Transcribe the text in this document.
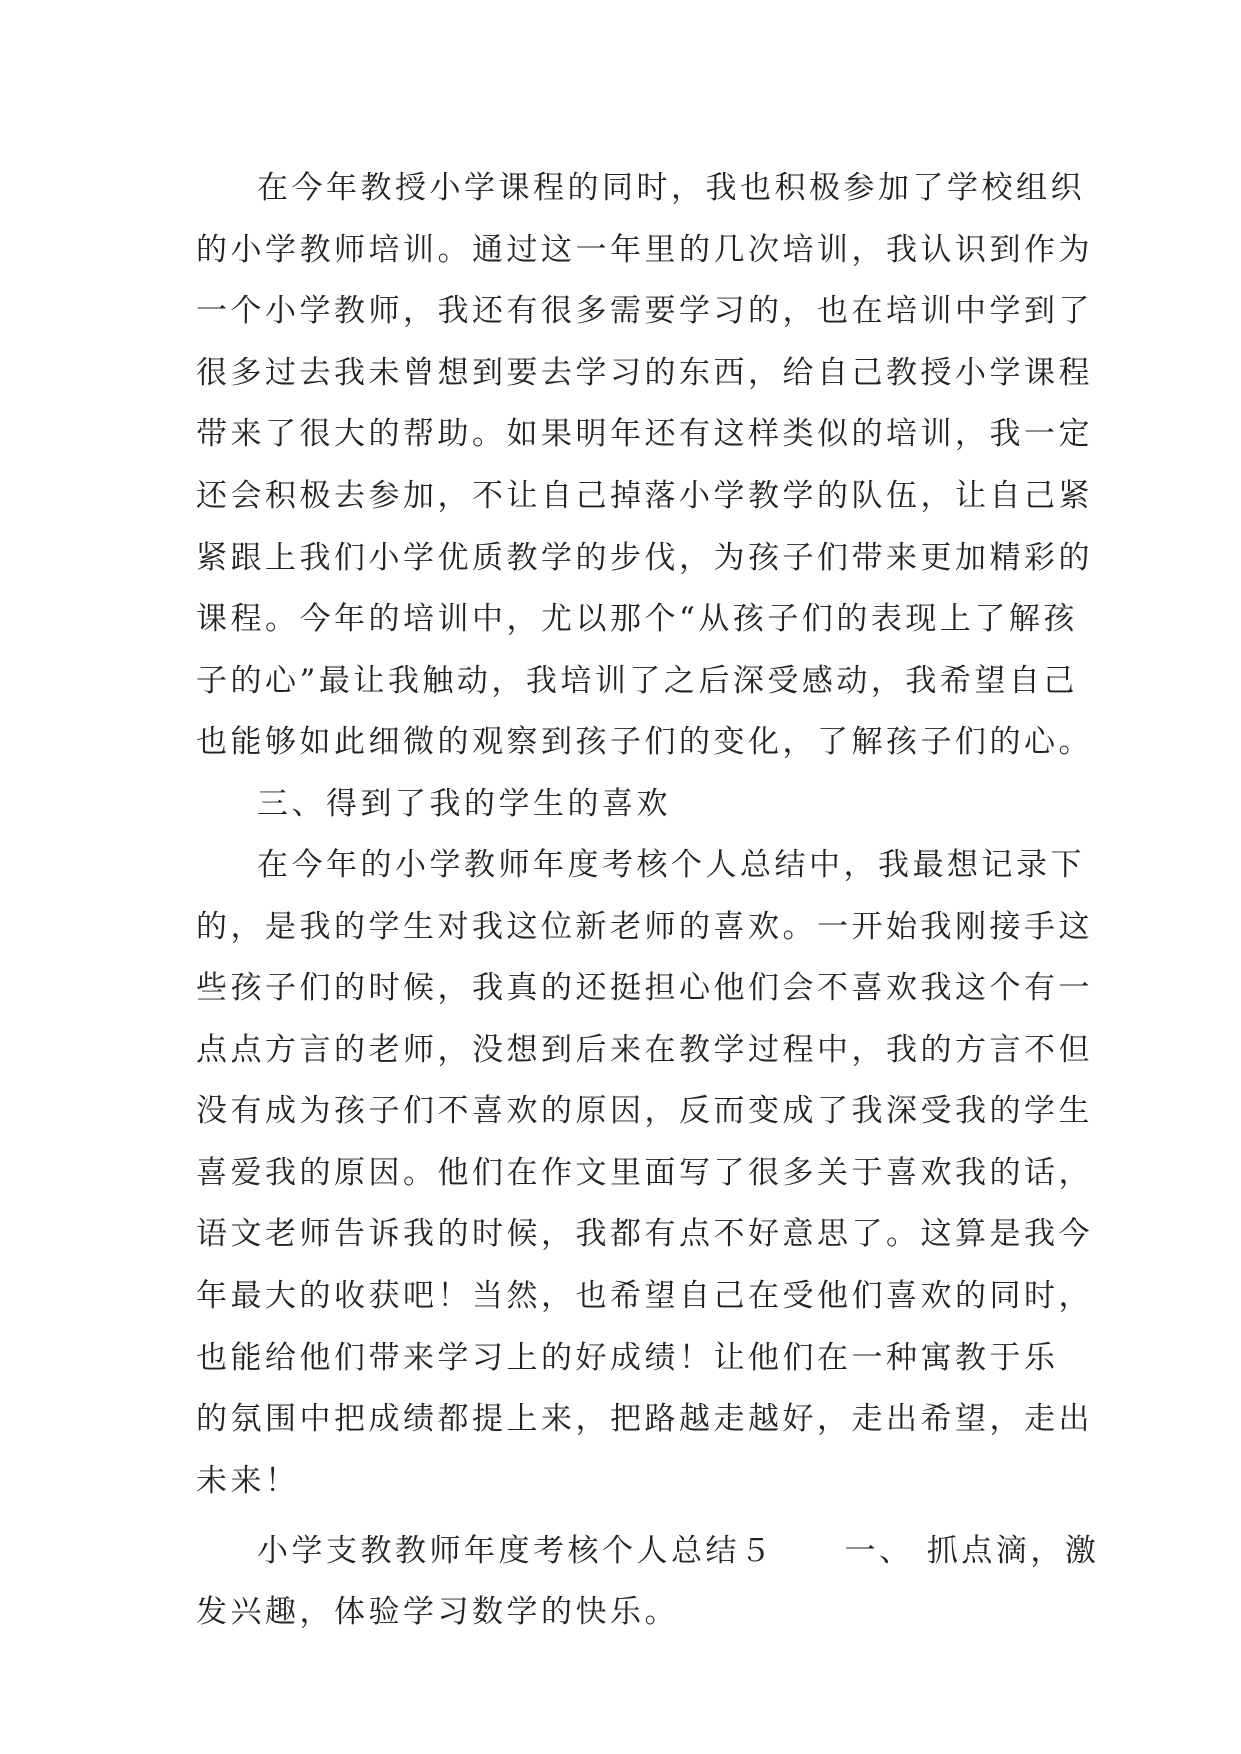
在今年教授小学课程的同时，我也积极参加了学校组织
的小学教师培训。通过这一年里的几次培训，我认识到作为
一个小学教师，我还有很多需要学习的，也在培训中学到了
很多过去我未曾想到要去学习的东西，给自己教授小学课程
带来了很大的帮助。如果明年还有这样类似的培训，我一定
还会积极去参加，不让自己掉落小学教学的队伍，让自己紧
紧跟上我们小学优质教学的步伐，为孩子们带来更加精彩的
课程。今年的培训中，尤以那个“从孩子们的表现上了解孩
子的心”最让我触动，我培训了之后深受感动，我希望自己
也能够如此细微的观察到孩子们的变化，了解孩子们的心。
三、得到了我的学生的喜欢
在今年的小学教师年度考核个人总结中，我最想记录下
的，是我的学生对我这位新老师的喜欢。一开始我刚接手这
些孩子们的时候，我真的还挺担心他们会不喜欢我这个有一
点点方言的老师，没想到后来在教学过程中，我的方言不但
没有成为孩子们不喜欢的原因，反而变成了我深受我的学生
喜爱我的原因。他们在作文里面写了很多关于喜欢我的话，
语文老师告诉我的时候，我都有点不好意思了。这算是我今
年最大的收获吧！当然，也希望自己在受他们喜欢的同时，
也能给他们带来学习上的好成绩！让他们在一种寓教于乐
的氛围中把成绩都提上来，把路越走越好，走出希望，走出
未来！
小学支教教师年度考核个人总结５ 一、 抓点滴，激
发兴趣，体验学习数学的快乐。
